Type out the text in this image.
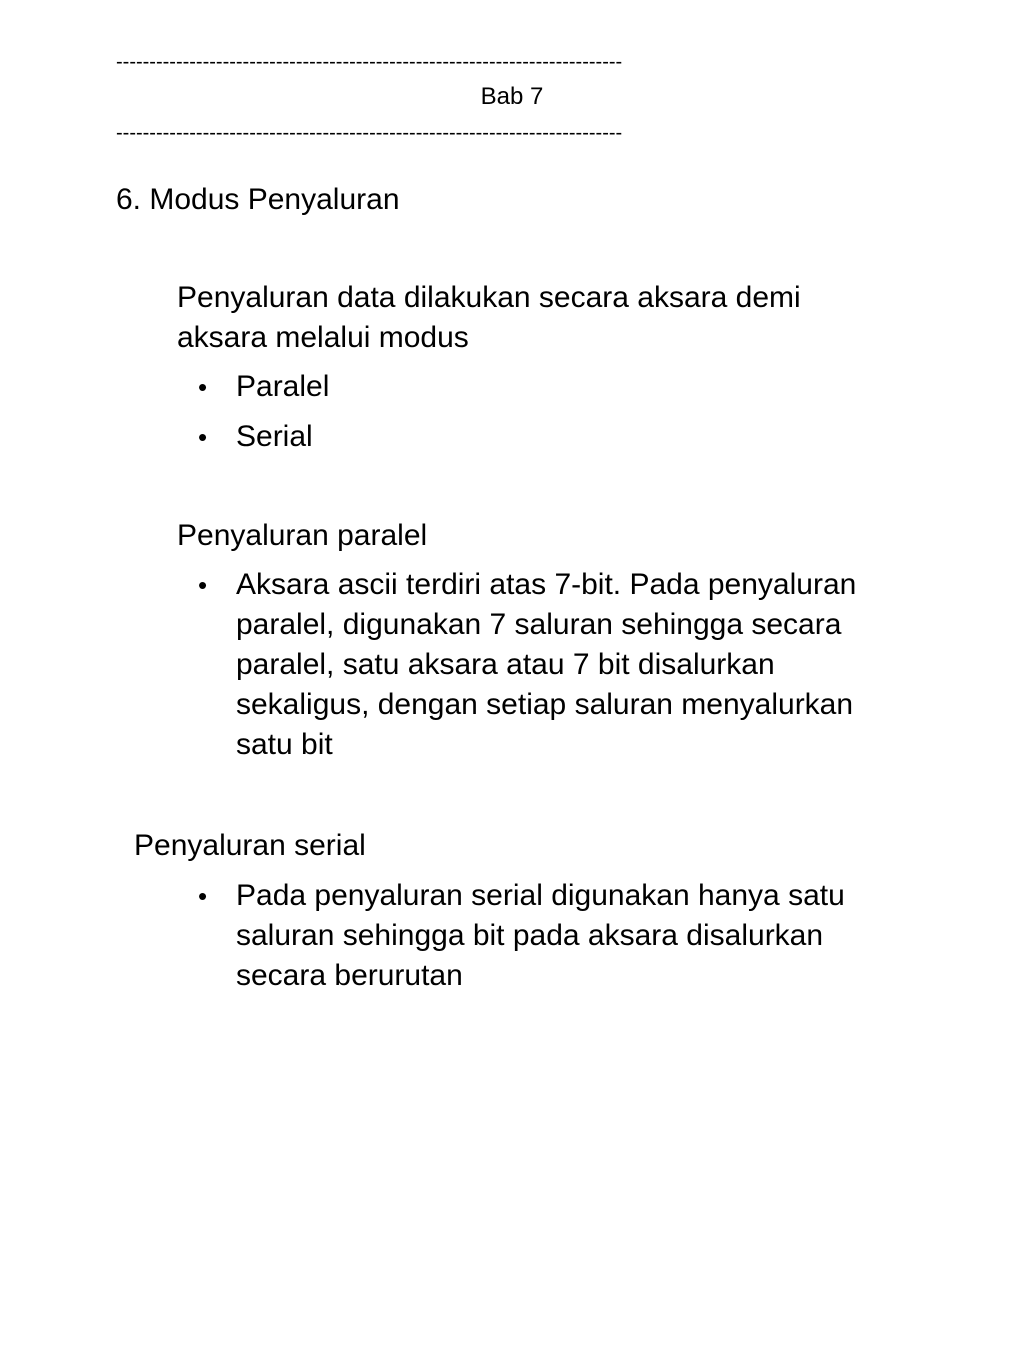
----------------------------------------------------------------------------
Bab 7
----------------------------------------------------------------------------
6. Modus Penyaluran
Penyaluran data dilakukan secara aksara demi
aksara melalui modus
• Paralel
• Serial
Penyaluran paralel
• Aksara ascii terdiri atas 7-bit. Pada penyaluran
paralel, digunakan 7 saluran sehingga secara
paralel, satu aksara atau 7 bit disalurkan
sekaligus, dengan setiap saluran menyalurkan
satu bit
Penyaluran serial
• Pada penyaluran serial digunakan hanya satu
saluran sehingga bit pada aksara disalurkan
secara berurutan
